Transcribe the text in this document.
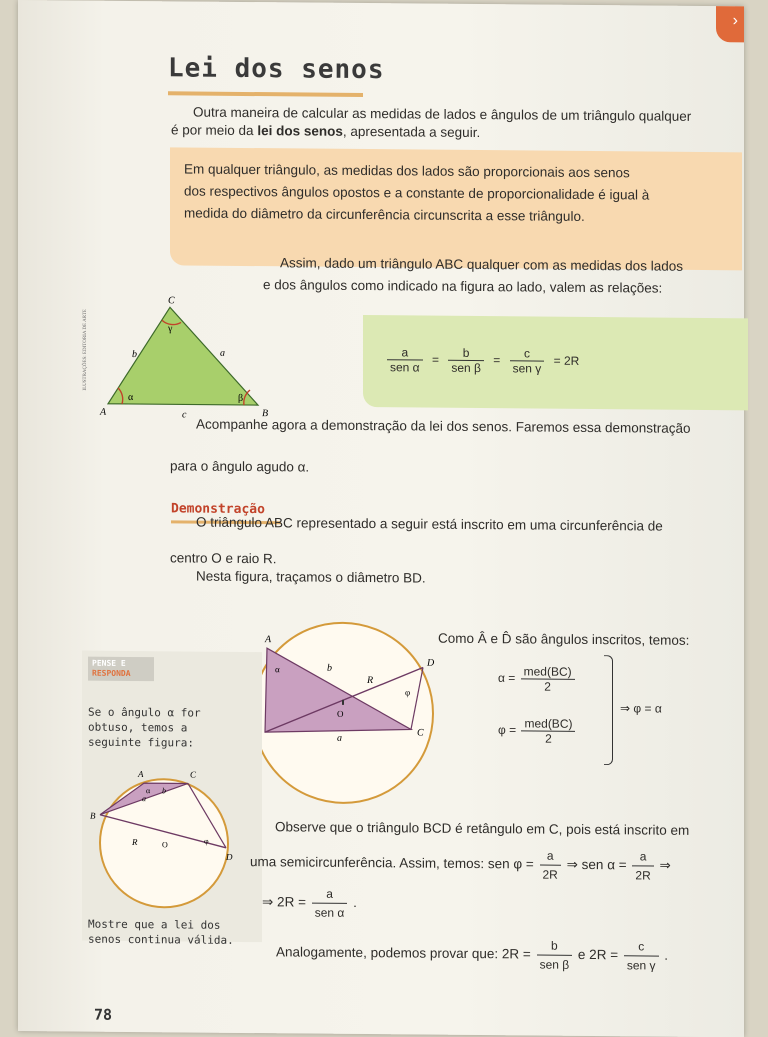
›
Lei dos senos

Outra maneira de calcular as medidas de lados e ângulos de um triângulo qualquer

é por meio da lei dos senos, apresentada a seguir.

Em qualquer triângulo, as medidas dos lados são proporcionais aos senos

dos respectivos ângulos opostos e a constante de proporcionalidade é igual à

medida do diâmetro da circunferência circunscrita a esse triângulo.

Assim, dado um triângulo ABC qualquer com as medidas dos lados

e dos ângulos como indicado na figura ao lado, valem as relações:

C
A	B
b	a
c
γ
α	β
ILUSTRAÇÕES: EDITORIA DE ARTE	$\frac{a}{\text{sen α}} = \frac{b}{\text{sen β}} = \frac{c}{\text{sen γ}} = 2R$

Acompanhe agora a demonstração da lei dos senos. Faremos essa demonstração

para o ângulo agudo α.

Demonstração

O triângulo ABC representado a seguir está inscrito em uma circunferência de

centro O e raio R.

Nesta figura, traçamos o diâmetro BD.

A
C
D
O
R
a
b
α
φ

Como Â e D̂ são ângulos inscritos, temos:

$\alpha = \frac{\text{med(BC)}}{2}$
$\varphi = \frac{\text{med(BC)}}{2}$
⇒ φ = α
PENSE E
RESPONDA
Se o ângulo α for
obtuso, temos a
seguinte figura:
A
B
C
D
O
R
a
b
α
φ
Mostre que a lei dos
senos continua válida.

Observe que o triângulo BCD é retângulo em C, pois está inscrito em

uma semicircunferência. Assim, temos: sen $\varphi = \frac{a}{2R}$ ⇒ sen $\alpha = \frac{a}{2R}$ ⇒
⇒ $2R = \frac{a}{\text{sen α}}$ .
Analogamente, podemos provar que: $2R = \frac{b}{\text{sen β}}$ e $2R = \frac{c}{\text{sen γ}}$ .
78
